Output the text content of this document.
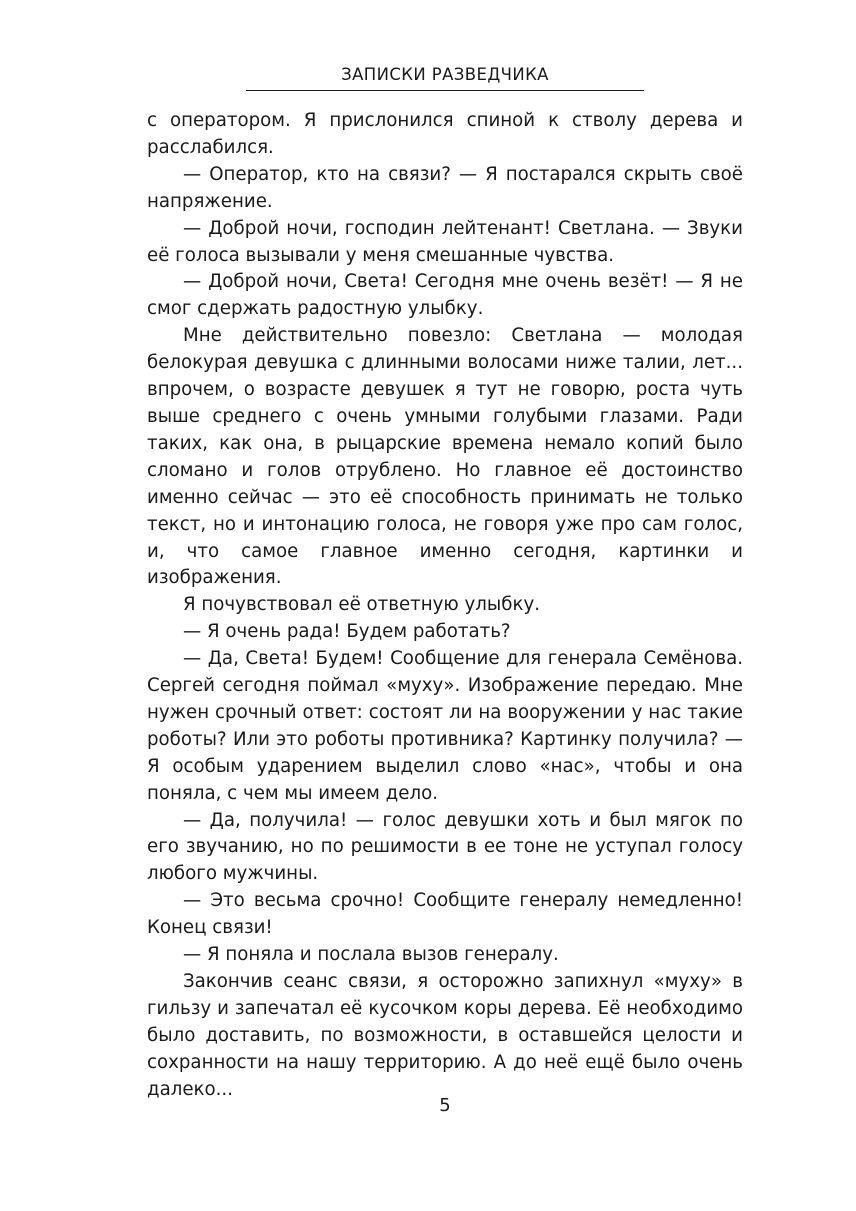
ЗАПИСКИ РАЗВЕДЧИКА

с оператором. Я прислонился спиной к стволу дерева и расслабился.

— Оператор, кто на связи? — Я постарался скрыть своё напряжение.

— Доброй ночи, господин лейтенант! Светлана. — Звуки её голоса вызывали у меня смешанные чувства.

— Доброй ночи, Света! Сегодня мне очень везёт! — Я не смог сдержать радостную улыбку.

Мне действительно повезло: Светлана — молодая белокурая девушка с длинными волосами ниже талии, лет... впрочем, о возрасте девушек я тут не говорю, роста чуть выше среднего с очень умными голубыми глазами. Ради таких, как она, в рыцарские времена немало копий было сломано и голов отрублено. Но главное её достоинство именно сейчас — это её способность принимать не только текст, но и интонацию голоса, не говоря уже про сам голос, и, что самое главное именно сегодня, картинки и изображения.

Я почувствовал её ответную улыбку.

— Я очень рада! Будем работать?

— Да, Света! Будем! Сообщение для генерала Семёнова. Сергей сегодня поймал «муху». Изображение передаю. Мне нужен срочный ответ: состоят ли на вооружении у нас такие роботы? Или это роботы противника? Картинку получила? — Я особым ударением выделил слово «нас», чтобы и она поняла, с чем мы имеем дело.

— Да, получила! — голос девушки хоть и был мягок по его звучанию, но по решимости в ее тоне не уступал голосу любого мужчины.

— Это весьма срочно! Сообщите генералу немедленно! Конец связи!

— Я поняла и послала вызов генералу.

Закончив сеанс связи, я осторожно запихнул «муху» в гильзу и запечатал её кусочком коры дерева. Её необходимо было доставить, по возможности, в оставшейся целости и сохранности на нашу территорию. А до неё ещё было очень далеко...

5
